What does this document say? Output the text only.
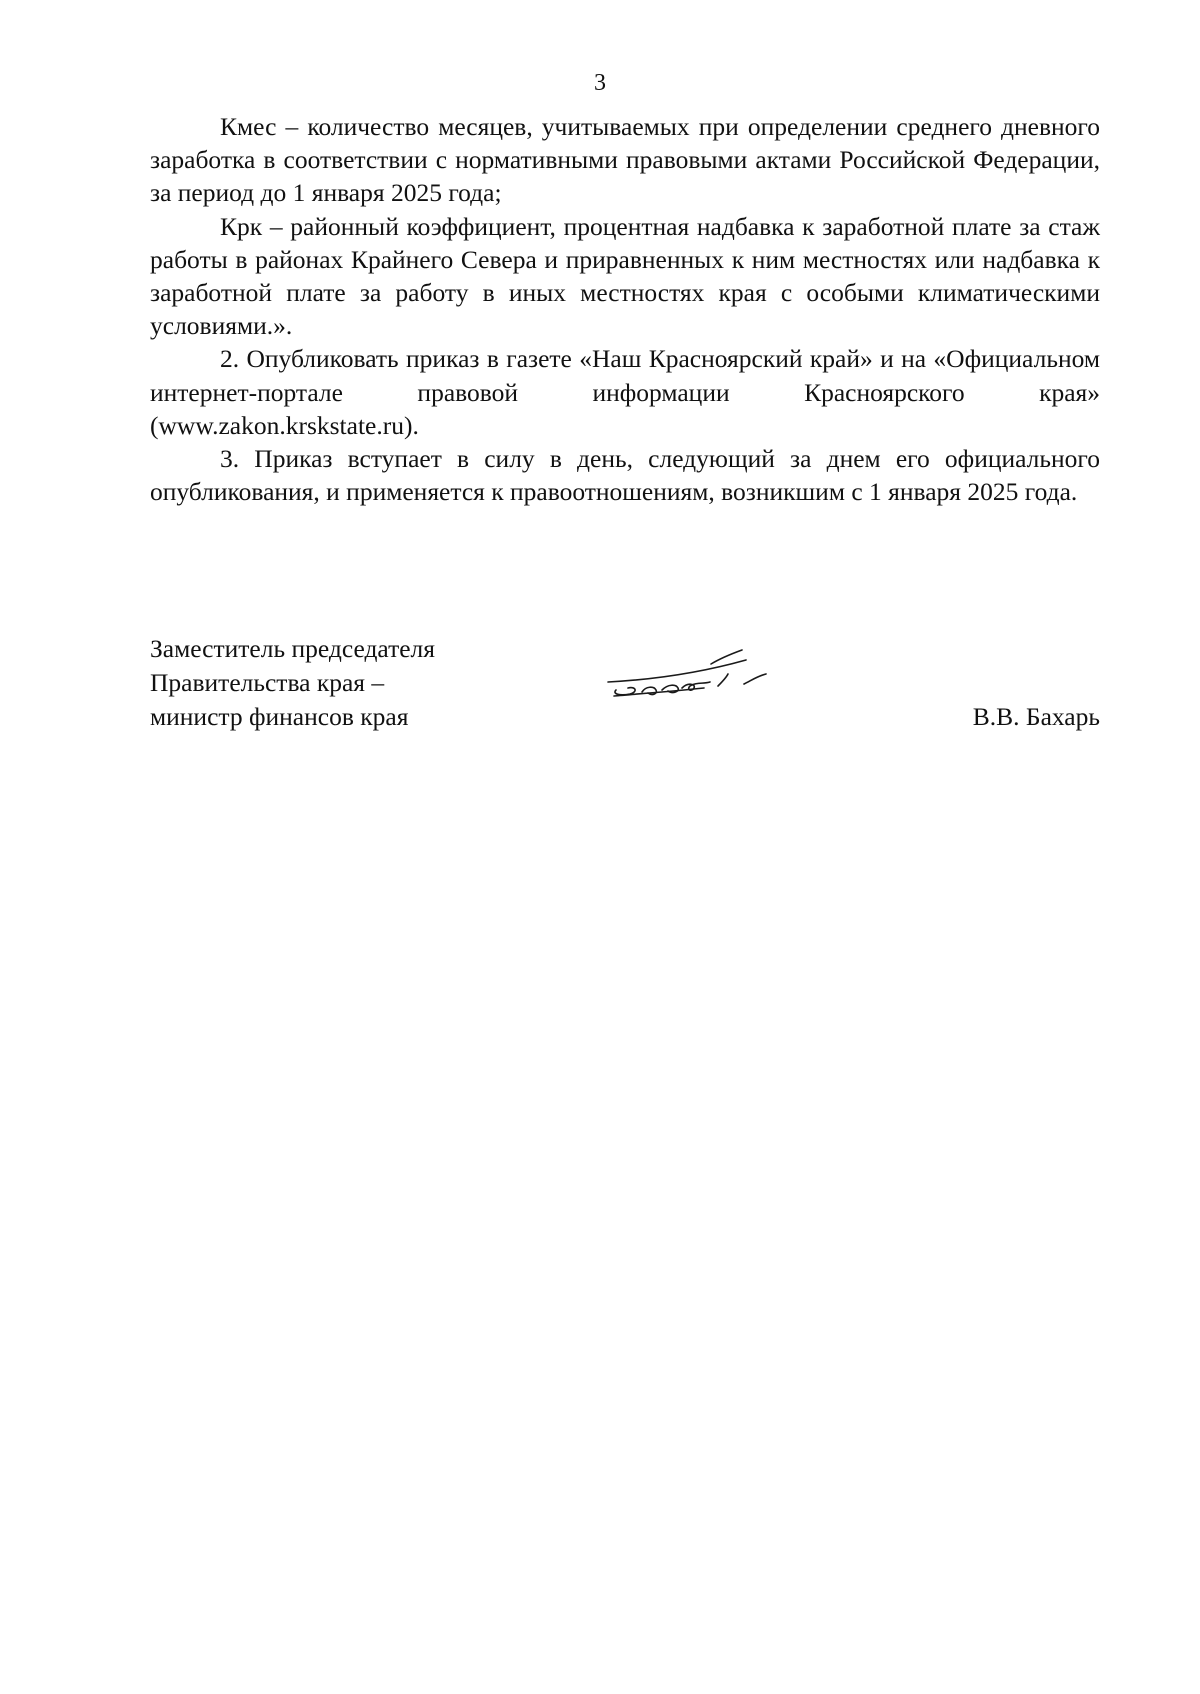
3

Кмес – количество месяцев, учитываемых при определении среднего дневного заработка в соответствии с нормативными правовыми актами Российской Федерации, за период до 1 января 2025 года;

Крк – районный коэффициент, процентная надбавка к заработной плате за стаж работы в районах Крайнего Севера и приравненных к ним местностях или надбавка к заработной плате за работу в иных местностях края с особыми климатическими условиями.».

2. Опубликовать приказ в газете «Наш Красноярский край» и на «Официальном интернет-портале правовой информации Красноярского края» (www.zakon.krskstate.ru).

3. Приказ вступает в силу в день, следующий за днем его официального опубликования, и применяется к правоотношениям, возникшим с 1 января 2025 года.

Заместитель председателя
Правительства края –
министр финансов края	В.В. Бахарь
